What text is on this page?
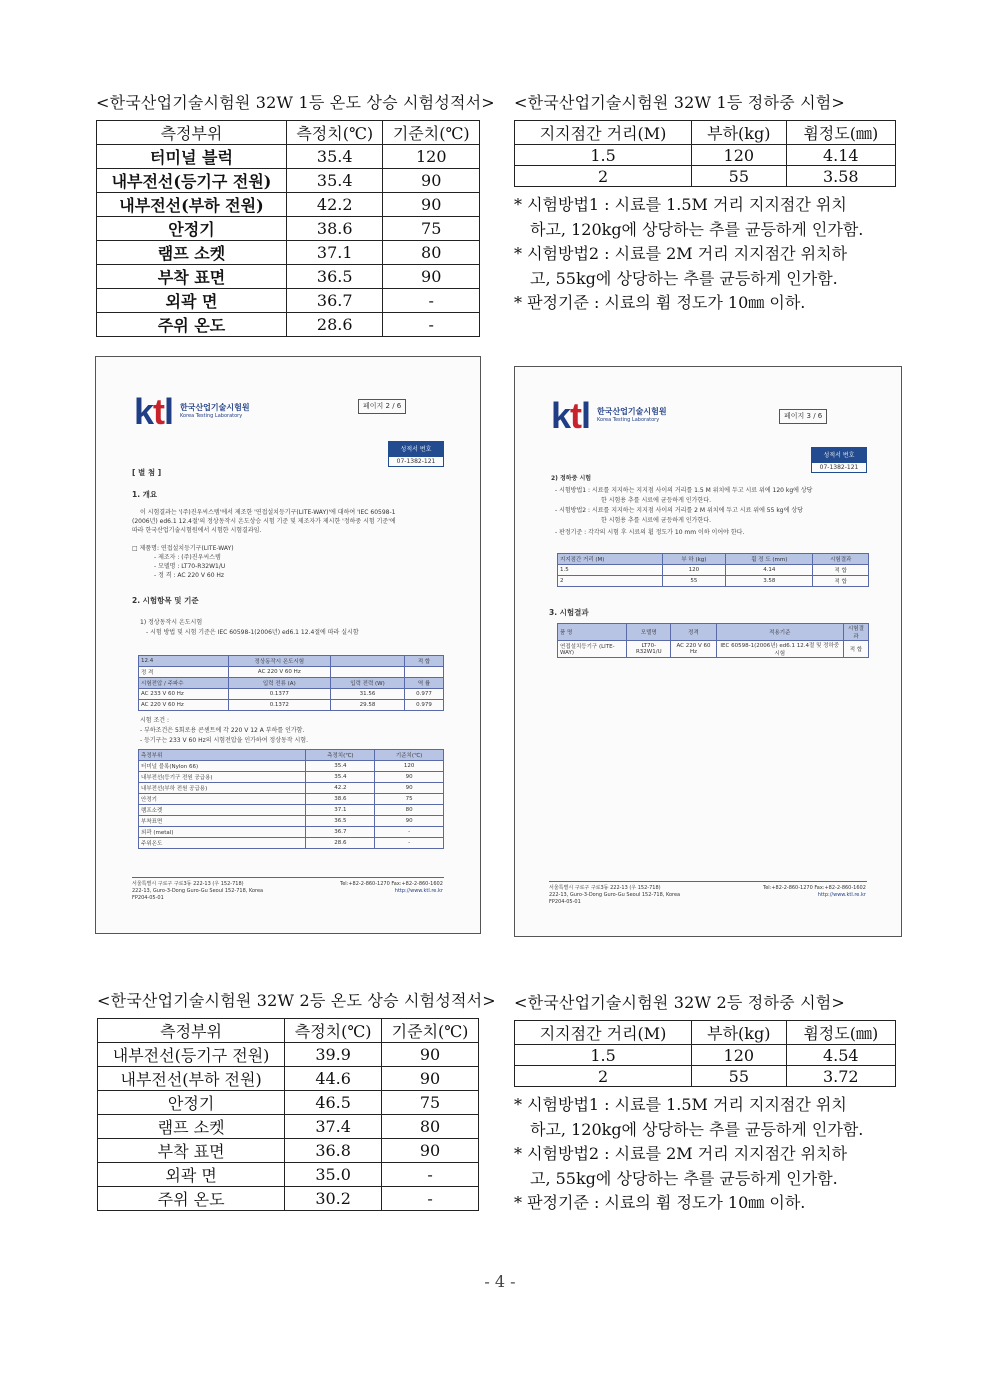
<한국산업기술시험원 32W 1등 온도 상승 시험성적서>
측정부위	측정치(℃)	기준치(℃)
터미널 블럭	35.4	120
내부전선(등기구 전원)	35.4	90
내부전선(부하 전원)	42.2	90
안정기	38.6	75
램프 소켓	37.1	80
부착 표면	36.5	90
외곽 면	36.7	-
주위 온도	28.6	-
<한국산업기술시험원 32W 1등 정하중 시험>
지지점간 거리(M)	부하(kg)	휨정도(㎜)
1.5	120	4.14
2	55	3.58
* 시험방법1 : 시료를 1.5M 거리 지지점간 위치
하고, 120kg에 상당하는 추를 균등하게 인가함.
* 시험방법2 : 시료를 2M 거리 지지점간 위치하
고, 55kg에 상당하는 추를 균등하게 인가함.
* 판정기준 : 시료의 휨 정도가 10㎜ 이하.
ktl 한국산업기술시험원
Korea Testing Laboratory
페이지 2 / 6
성적서 번호
07-1382-121
[ 별 첨 ]
1. 개요
이 시험결과는 '(주)진우씨스템'에서 제조한 '연접설치등기구(LITE-WAY)'에 대하여 'IEC 60598-1
(2006년) ed6.1 12.4절'의 정상동작시 온도상승 시험 기준 및 제조자가 제시한 '정하중 시험 기준'에
따라 한국산업기술시험원에서 시험한 시험결과임.
□ 제품명: 연접설치등기구(LITE-WAY)
- 제조자 : (주)진우씨스템
- 모델명 : LT70-R32W1/U
- 정 격 : AC 220 V 60 Hz
2. 시험항목 및 기준
1) 정상동작시 온도시험
- 시험 방법 및 시험 기준은 IEC 60598-1(2006년) ed6.1 12.4절에 따라 실시함
12.4	정상동작시 온도시험		적 합
정 격	AC 220 V 60 Hz		
시험전압 / 주파수	입력 전류 (A)	입력 전력 (W)	역 률
AC 233 V 60 Hz	0.1377	31.56	0.977
AC 220 V 60 Hz	0.1372	29.58	0.979
시험 조건 :
- 부하조건은 5회로용 콘센트에 각 220 V 12 A 부하를 인가함.
- 등기구는 233 V 60 Hz의 시험전압을 인가하여 정상동작 시험.
측정부위	측정치(℃)	기준치(℃)
터미널 블록(Nylon 66)	35.4	120
내부전선(등기구 전원 공급용)	35.4	90
내부전선(부하 전원 공급용)	42.2	90
안정기	38.6	75
램프소켓	37.1	80
부착표면	36.5	90
외곽 (metal)	36.7	-
주위온도	28.6	-
서울특별시 구로구 구로3동 222-13 (우 152-718)
222-13, Guro-3-Dong Guro-Gu Seoul 152-718, Korea
FP204-05-01
Tel:+82-2-860-1270 Fax:+82-2-860-1602
http://www.ktl.re.kr
ktl 한국산업기술시험원
Korea Testing Laboratory	페이지 3 / 6
성적서 번호
07-1382-121
2) 정하중 시험
- 시험방법1 : 시료를 지지하는 지지점 사이의 거리를 1.5 M 위치에 두고 시료 위에 120 kg에 상당
한 시험용 추를 시료에 균등하게 인가한다.
- 시험방법2 : 시료를 지지하는 지지점 사이의 거리를 2 M 위치에 두고 시료 위에 55 kg에 상당
한 시험용 추를 시료에 균등하게 인가한다.
- 판정기준 : 각각의 시험 후 시료의 휨 정도가 10 mm 이하 이어야 한다.
지지점간 거리 (M)	부 하 (kg)	휨 정 도 (mm)	시험결과
1.5	120	4.14	적 합
2	55	3.58	적 합
3. 시험결과
품 명	모델명	정격	적용기준	시험결과
연접설치등기구 (LITE-WAY)	LT70-R32W1/U	AC 220 V 60 Hz	IEC 60598-1(2006년) ed6.1 12.4절 및 정하중 시험	적 합
서울특별시 구로구 구로3동 222-13 (우 152-718)
222-13, Guro-3-Dong Guro-Gu Seoul 152-718, Korea
FP204-05-01
Tel:+82-2-860-1270 Fax:+82-2-860-1602
http://www.ktl.re.kr
<한국산업기술시험원 32W 2등 온도 상승 시험성적서>
측정부위	측정치(℃)	기준치(℃)
내부전선(등기구 전원)	39.9	90
내부전선(부하 전원)	44.6	90
안정기	46.5	75
램프 소켓	37.4	80
부착 표면	36.8	90
외곽 면	35.0	-
주위 온도	30.2	-
<한국산업기술시험원 32W 2등 정하중 시험>
지지점간 거리(M)	부하(kg)	휨정도(㎜)
1.5	120	4.54
2	55	3.72
* 시험방법1 : 시료를 1.5M 거리 지지점간 위치
하고, 120kg에 상당하는 추를 균등하게 인가함.
* 시험방법2 : 시료를 2M 거리 지지점간 위치하
고, 55kg에 상당하는 추를 균등하게 인가함.
* 판정기준 : 시료의 휨 정도가 10㎜ 이하.
- 4 -
